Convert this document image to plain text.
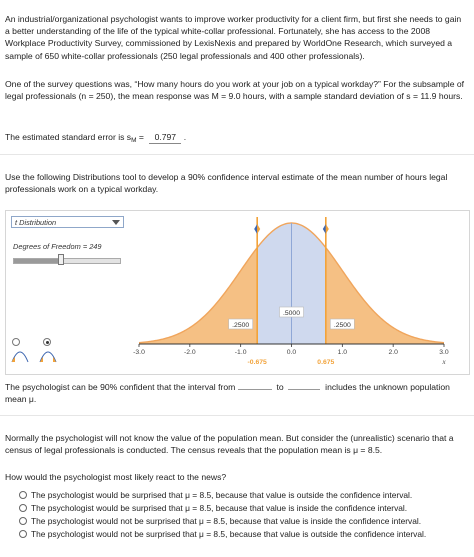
An industrial/organizational psychologist wants to improve worker productivity for a client firm, but first she needs to gain a better understanding of the life of the typical white-collar professional. Fortunately, she has access to the 2008 Workplace Productivity Survey, commissioned by LexisNexis and prepared by WorldOne Research, which surveyed a sample of 650 white-collar professionals (250 legal professionals and 400 other professionals).
One of the survey questions was, “How many hours do you work at your job on a typical workday?” For the subsample of legal professionals (n = 250), the mean response was M = 9.0 hours, with a sample standard deviation of s = 11.9 hours.
The estimated standard error is $s_M = 0.797$ .
Use the following Distributions tool to develop a 90% confidence interval estimate of the mean number of hours legal professionals work on a typical workday.
t Distribution
Degrees of Freedom = 249
.5000
.2500	.2500
-3.0	-2.0	-1.0	0.0	1.0	2.0	3.0
-0.675	0.675	x
The psychologist can be 90% confident that the interval from	to	includes the unknown population mean μ.
Normally the psychologist will not know the value of the population mean. But consider the (unrealistic) scenario that a census of legal professionals is conducted. The census reveals that the population mean is μ = 8.5.
How would the psychologist most likely react to the news?
The psychologist would be surprised that μ = 8.5, because that value is outside the confidence interval.
The psychologist would be surprised that μ = 8.5, because that value is inside the confidence interval.
The psychologist would not be surprised that μ = 8.5, because that value is inside the confidence interval.
The psychologist would not be surprised that μ = 8.5, because that value is outside the confidence interval.
